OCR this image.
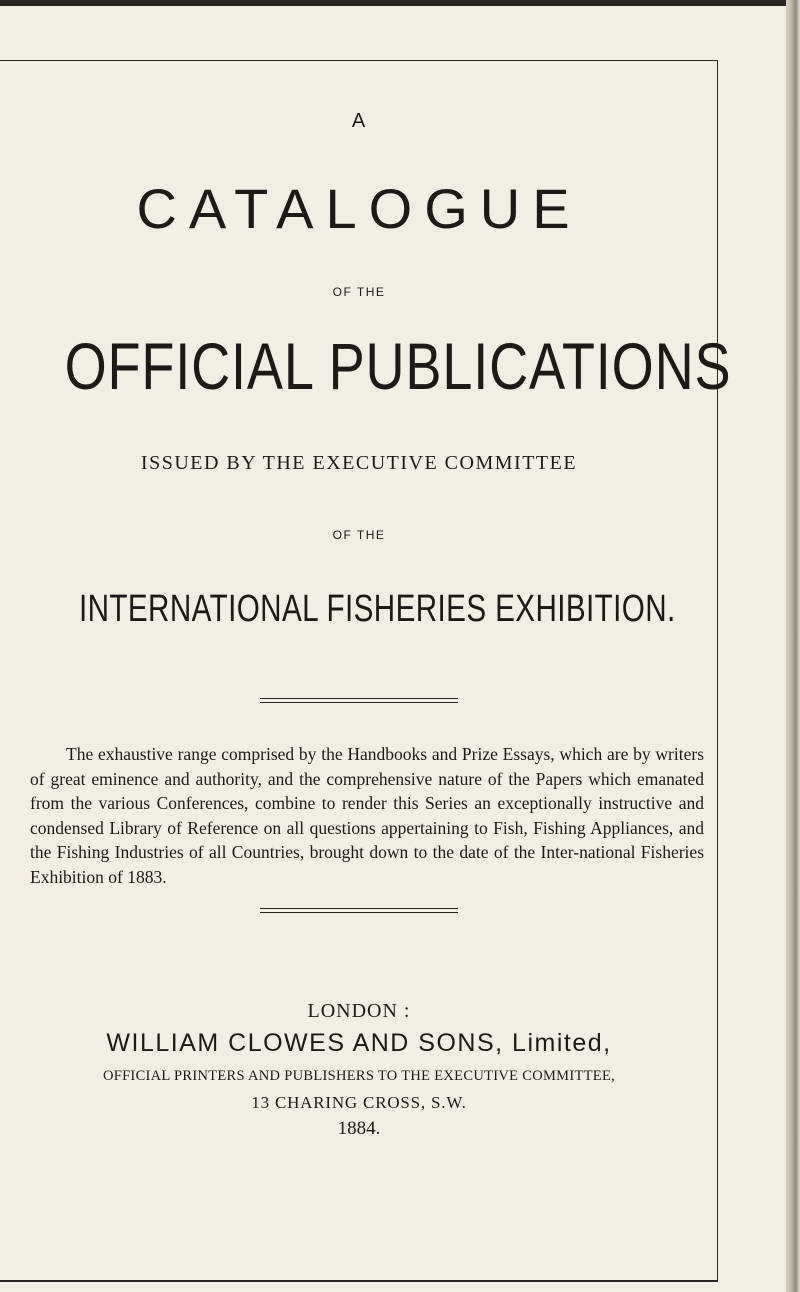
A
CATALOGUE
OF THE
OFFICIAL PUBLICATIONS
ISSUED BY THE EXECUTIVE COMMITTEE
OF THE
INTERNATIONAL FISHERIES EXHIBITION.

The exhaustive range comprised by the Handbooks and Prize Essays, which are by writers of great eminence and authority, and the comprehensive nature of the Papers which emanated from the various Conferences, combine to render this Series an exceptionally instructive and condensed Library of Reference on all questions appertaining to Fish, Fishing Appliances, and the Fishing Industries of all Countries, brought down to the date of the Inter-national Fisheries Exhibition of 1883.

LONDON :
WILLIAM CLOWES AND SONS, Limited,
OFFICIAL PRINTERS AND PUBLISHERS TO THE EXECUTIVE COMMITTEE,
13 CHARING CROSS, S.W.
1884.
